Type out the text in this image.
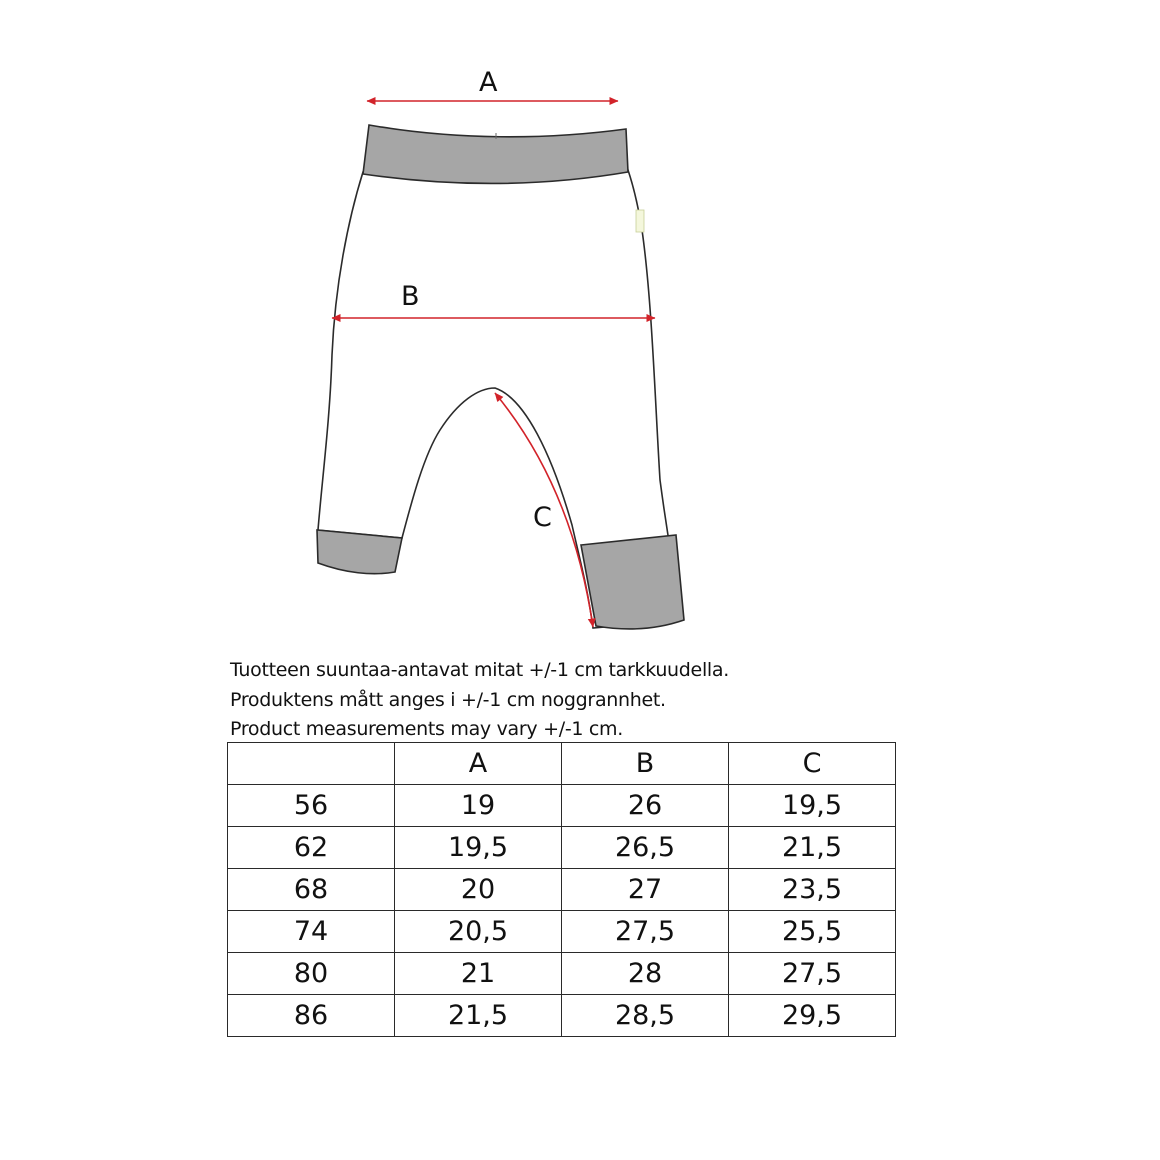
A
B
C
Tuotteen suuntaa-antavat mitat +/-1 cm tarkkuudella.
Produktens mått anges i +/-1 cm noggrannhet.
Product measurements may vary +/-1 cm.
	A	B	C
56	19	26	19,5
62	19,5	26,5	21,5
68	20	27	23,5
74	20,5	27,5	25,5
80	21	28	27,5
86	21,5	28,5	29,5
